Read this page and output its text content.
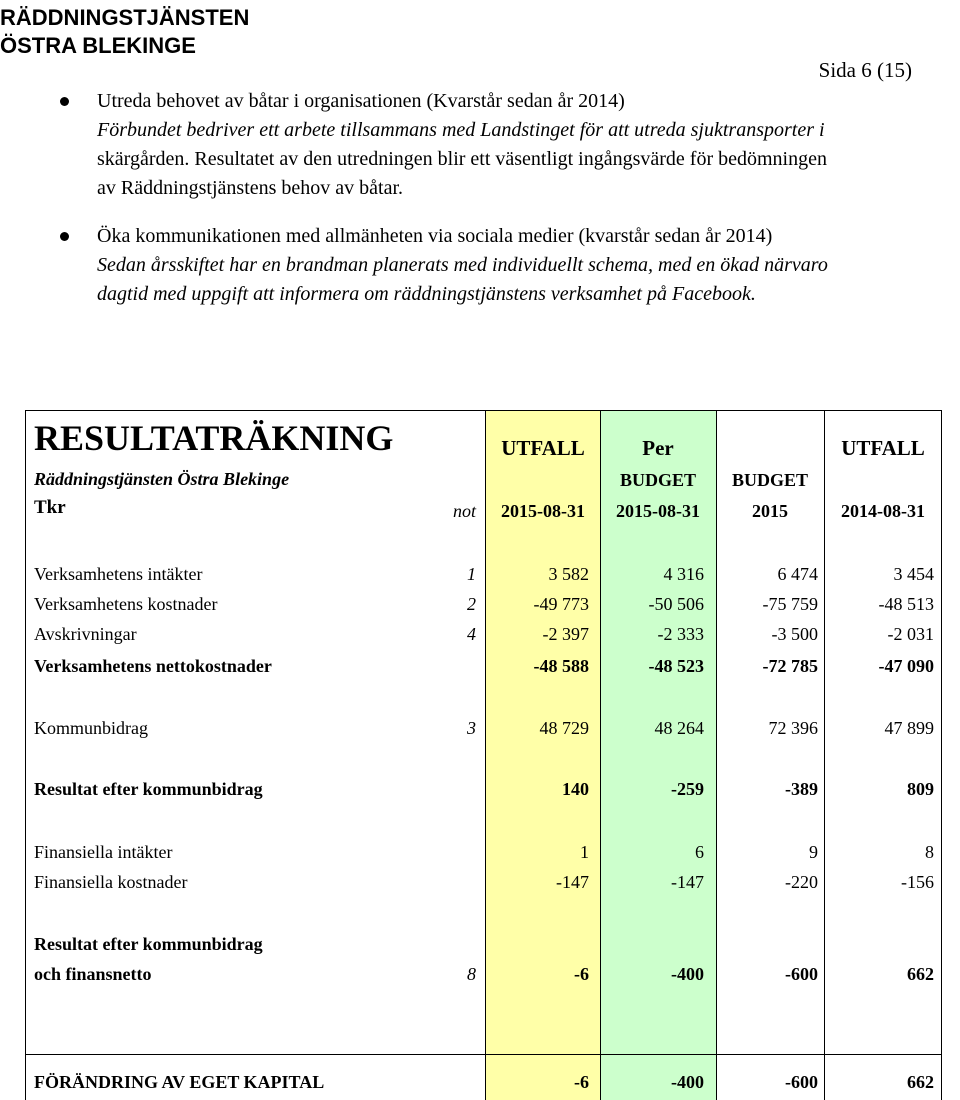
RÄDDNINGSTJÄNSTEN
ÖSTRA BLEKINGE
Sida 6 (15)
Utreda behovet av båtar i organisationen (Kvarstår sedan år 2014)
Förbundet bedriver ett arbete tillsammans med Landstinget för att utreda sjuktransporter i
skärgården. Resultatet av den utredningen blir ett väsentligt ingångsvärde för bedömningen
av Räddningstjänstens behov av båtar.
Öka kommunikationen med allmänheten via sociala medier (kvarstår sedan år 2014)
Sedan årsskiftet har en brandman planerats med individuellt schema, med en ökad närvaro
dagtid med uppgift att informera om räddningstjänstens verksamhet på Facebook.
RESULTATRÄKNING
Räddningstjänsten Östra Blekinge
Tkr	not
UTFALL
2015-08-31
Per
BUDGET
2015-08-31
BUDGET
2015
UTFALL
2014-08-31
Verksamhetens intäkter	1	3 582	4 316	6 474	3 454
Verksamhetens kostnader	2	-49 773	-50 506	-75 759	-48 513
Avskrivningar	4	-2 397	-2 333	-3 500	-2 031
Verksamhetens nettokostnader	-48 588	-48 523	-72 785	-47 090
Kommunbidrag	3	48 729	48 264	72 396	47 899
Resultat efter kommunbidrag	140	-259	-389	809
Finansiella intäkter	1	6	9	8
Finansiella kostnader	-147	-147	-220	-156
Resultat efter kommunbidrag
och finansnetto	8	-6	-400	-600	662
FÖRÄNDRING AV EGET KAPITAL	-6	-400	-600	662
